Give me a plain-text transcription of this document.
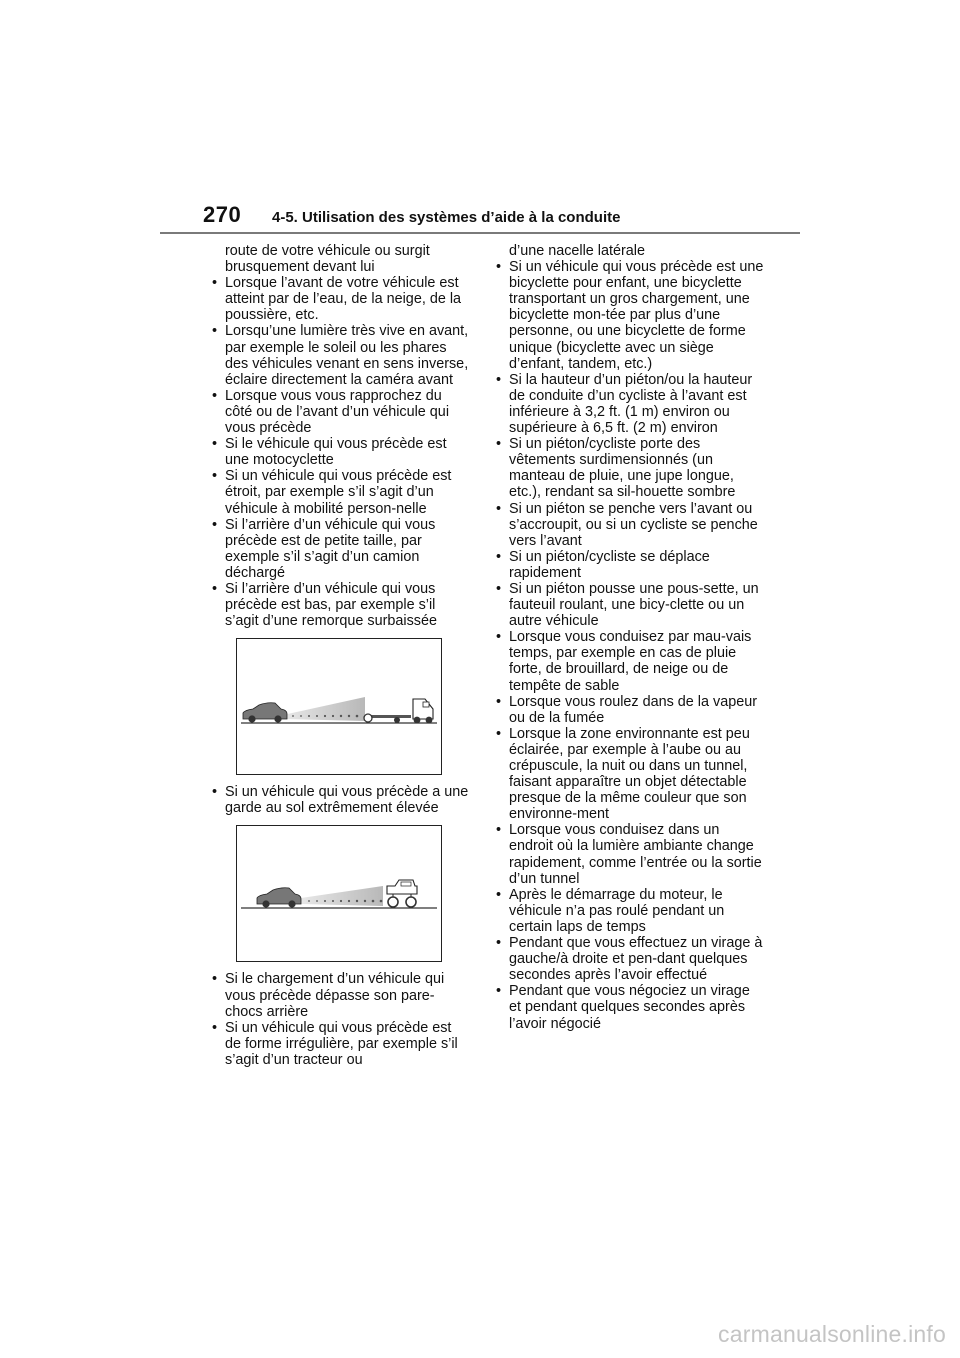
270 4-5. Utilisation des systèmes d’aide à la conduite

route de votre véhicule ou surgit brusquement devant lui

• Lorsque l’avant de votre véhicule est atteint par de l’eau, de la neige, de la poussière, etc.

• Lorsqu’une lumière très vive en avant, par exemple le soleil ou les phares des véhicules venant en sens inverse, éclaire directement la caméra avant

• Lorsque vous vous rapprochez du côté ou de l’avant d’un véhicule qui vous précède

• Si le véhicule qui vous précède est une motocyclette

• Si un véhicule qui vous précède est étroit, par exemple s’il s’agit d’un véhicule à mobilité person-nelle

• Si l’arrière d’un véhicule qui vous précède est de petite taille, par exemple s’il s’agit d’un camion déchargé

• Si l’arrière d’un véhicule qui vous précède est bas, par exemple s’il s’agit d’une remorque surbaissée

• Si un véhicule qui vous précède a une garde au sol extrêmement élevée

• Si le chargement d’un véhicule qui vous précède dépasse son pare-chocs arrière

• Si un véhicule qui vous précède est de forme irrégulière, par exemple s’il s’agit d’un tracteur ou

d’une nacelle latérale

• Si un véhicule qui vous précède est une bicyclette pour enfant, une bicyclette transportant un gros chargement, une bicyclette mon-tée par plus d’une personne, ou une bicyclette de forme unique (bicyclette avec un siège d’enfant, tandem, etc.)

• Si la hauteur d’un piéton/ou la hauteur de conduite d’un cycliste à l’avant est inférieure à 3,2 ft. (1 m) environ ou supérieure à 6,5 ft. (2 m) environ

• Si un piéton/cycliste porte des vêtements surdimensionnés (un manteau de pluie, une jupe longue, etc.), rendant sa sil-houette sombre

• Si un piéton se penche vers l’avant ou s’accroupit, ou si un cycliste se penche vers l’avant

• Si un piéton/cycliste se déplace rapidement

• Si un piéton pousse une pous-sette, un fauteuil roulant, une bicy-clette ou un autre véhicule

• Lorsque vous conduisez par mau-vais temps, par exemple en cas de pluie forte, de brouillard, de neige ou de tempête de sable

• Lorsque vous roulez dans de la vapeur ou de la fumée

• Lorsque la zone environnante est peu éclairée, par exemple à l’aube ou au crépuscule, la nuit ou dans un tunnel, faisant apparaître un objet détectable presque de la même couleur que son environne-ment

• Lorsque vous conduisez dans un endroit où la lumière ambiante change rapidement, comme l’entrée ou la sortie d’un tunnel

• Après le démarrage du moteur, le véhicule n’a pas roulé pendant un certain laps de temps

• Pendant que vous effectuez un virage à gauche/à droite et pen-dant quelques secondes après l’avoir effectué

• Pendant que vous négociez un virage et pendant quelques secondes après l’avoir négocié

carmanualsonline.info
